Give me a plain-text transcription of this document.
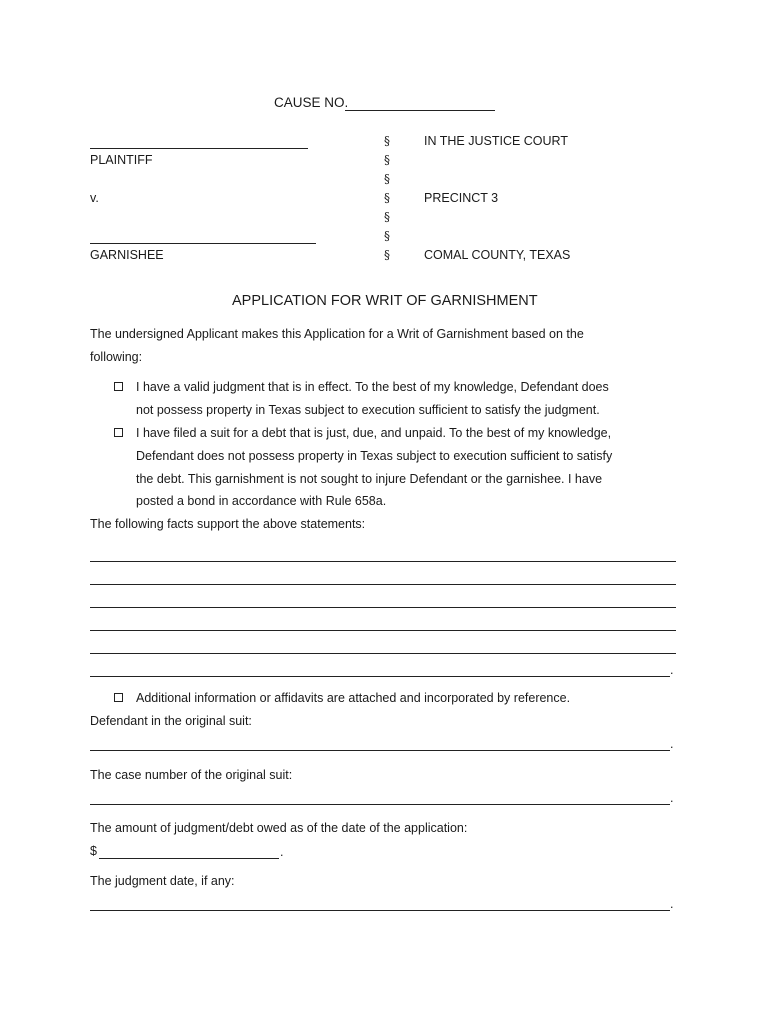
CAUSE NO.
PLAINTIFF
v.
GARNISHEE
§
§
§
§
§
§
§
IN THE JUSTICE COURT
PRECINCT 3
COMAL COUNTY, TEXAS
APPLICATION FOR WRIT OF GARNISHMENT
The undersigned Applicant makes this Application for a Writ of Garnishment based on the
following:
I have a valid judgment that is in effect. To the best of my knowledge, Defendant does
not possess property in Texas subject to execution sufficient to satisfy the judgment.
I have filed a suit for a debt that is just, due, and unpaid. To the best of my knowledge,
Defendant does not possess property in Texas subject to execution sufficient to satisfy
the debt. This garnishment is not sought to injure Defendant or the garnishee. I have
posted a bond in accordance with Rule 658a.
The following facts support the above statements:
.
Additional information or affidavits are attached and incorporated by reference.
Defendant in the original suit:
.
The case number of the original suit:
.
The amount of judgment/debt owed as of the date of the application:
$	.
The judgment date, if any:
.
